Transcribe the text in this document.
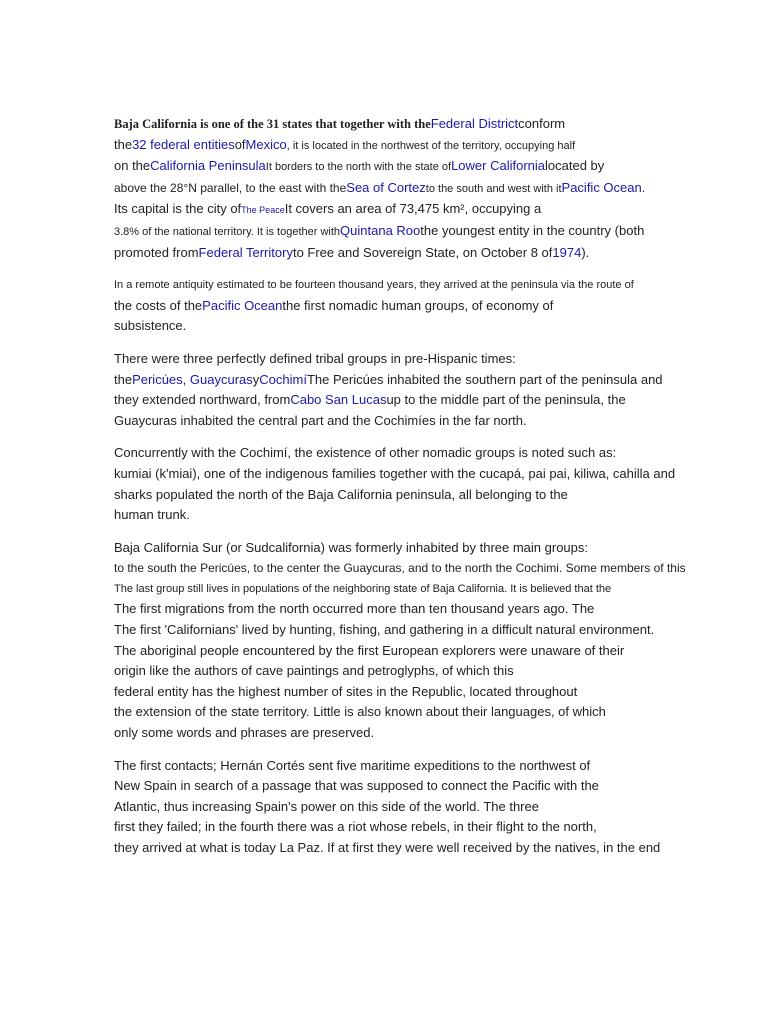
Baja California is one of the 31 states that together with theFederal Districtconform
the32 federal entitiesofMexico, it is located in the northwest of the territory, occupying half
on theCalifornia PeninsulaIt borders to the north with the state ofLower Californialocated by
above the 28°N parallel, to the east with theSea of Cortezto the south and west with itPacific Ocean.
Its capital is the city ofThe PeaceIt covers an area of 73,475 km², occupying a
3.8% of the national territory. It is together withQuintana Roothe youngest entity in the country (both
promoted fromFederal Territoryto Free and Sovereign State, on October 8 of1974).
In a remote antiquity estimated to be fourteen thousand years, they arrived at the peninsula via the route of
the costs of thePacific Oceanthe first nomadic human groups, of economy of
subsistence.
There were three perfectly defined tribal groups in pre-Hispanic times:
thePericúes, GuaycurasyCochimíThe Pericúes inhabited the southern part of the peninsula and
they extended northward, fromCabo San Lucasup to the middle part of the peninsula, the
Guaycuras inhabited the central part and the Cochimíes in the far north.
Concurrently with the Cochimí, the existence of other nomadic groups is noted such as:
kumiai (k'miai), one of the indigenous families together with the cucapá, pai pai, kiliwa, cahilla and
sharks populated the north of the Baja California peninsula, all belonging to the
human trunk.
Baja California Sur (or Sudcalifornia) was formerly inhabited by three main groups:
to the south the Pericúes, to the center the Guaycuras, and to the north the Cochimi. Some members of this
The last group still lives in populations of the neighboring state of Baja California. It is believed that the
The first migrations from the north occurred more than ten thousand years ago. The
The first 'Californians' lived by hunting, fishing, and gathering in a difficult natural environment.
The aboriginal people encountered by the first European explorers were unaware of their
origin like the authors of cave paintings and petroglyphs, of which this
federal entity has the highest number of sites in the Republic, located throughout
the extension of the state territory. Little is also known about their languages, of which
only some words and phrases are preserved.
The first contacts; Hernán Cortés sent five maritime expeditions to the northwest of
New Spain in search of a passage that was supposed to connect the Pacific with the
Atlantic, thus increasing Spain's power on this side of the world. The three
first they failed; in the fourth there was a riot whose rebels, in their flight to the north,
they arrived at what is today La Paz. If at first they were well received by the natives, in the end
